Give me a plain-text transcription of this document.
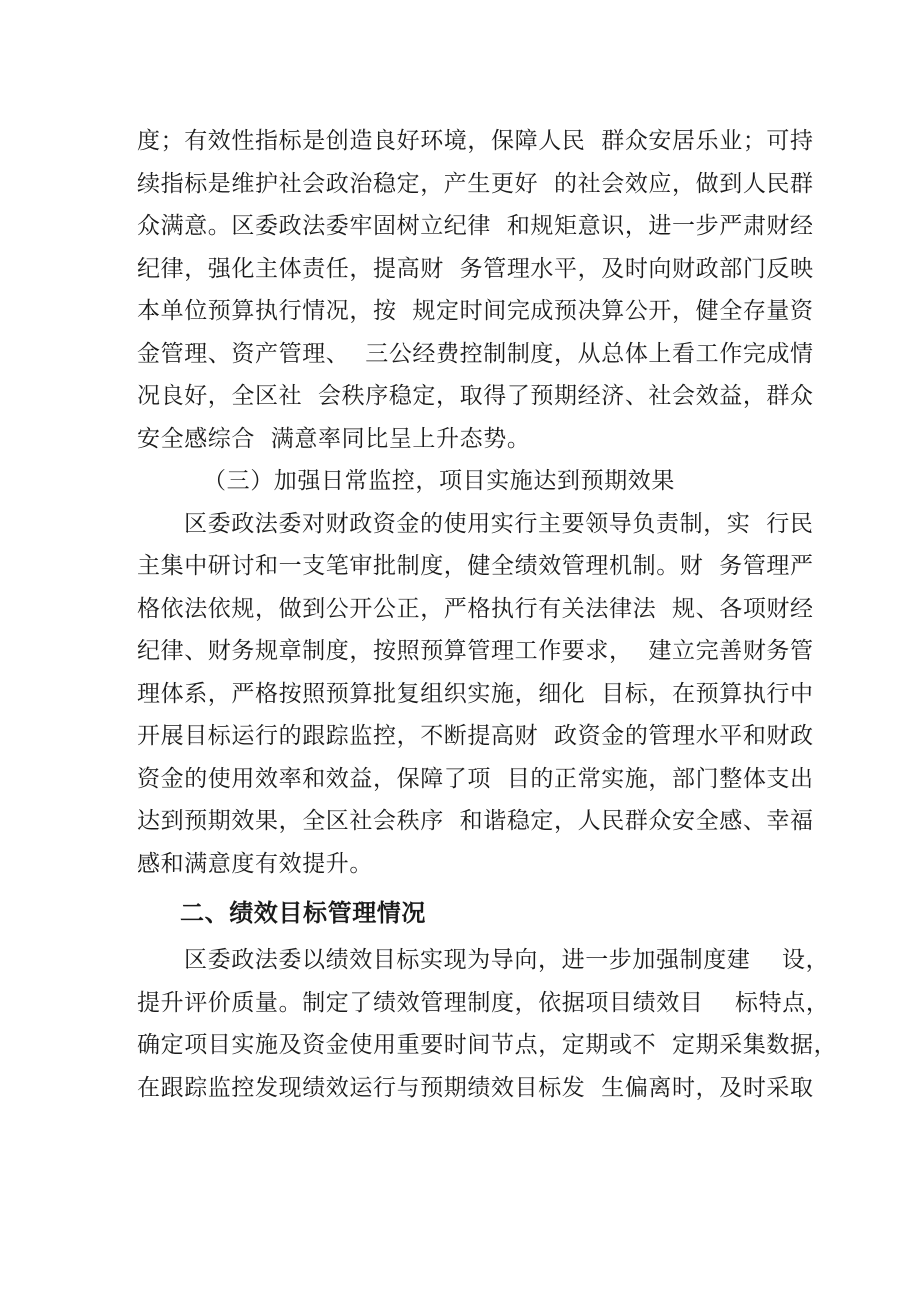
度；有效性指标是创造良好环境，保障人民  群众安居乐业；可持
续指标是维护社会政治稳定，产生更好  的社会效应，做到人民群
众满意。区委政法委牢固树立纪律  和规矩意识，进一步严肃财经
纪律，强化主体责任，提高财  务管理水平，及时向财政部门反映
本单位预算执行情况，按  规定时间完成预决算公开，健全存量资
金管理、资产管理、  三公经费控制制度，从总体上看工作完成情
况良好，全区社  会秩序稳定，取得了预期经济、社会效益，群众
安全感综合  满意率同比呈上升态势。
（三）加强日常监控，项目实施达到预期效果
区委政法委对财政资金的使用实行主要领导负责制，实  行民
主集中研讨和一支笔审批制度，健全绩效管理机制。财  务管理严
格依法依规，做到公开公正，严格执行有关法律法  规、各项财经
纪律、财务规章制度，按照预算管理工作要求，  建立完善财务管
理体系，严格按照预算批复组织实施，细化  目标，在预算执行中
开展目标运行的跟踪监控，不断提高财  政资金的管理水平和财政
资金的使用效率和效益，保障了项  目的正常实施，部门整体支出
达到预期效果，全区社会秩序  和谐稳定，人民群众安全感、幸福
感和满意度有效提升。
二、绩效目标管理情况
区委政法委以绩效目标实现为导向，进一步加强制度建    设，
提升评价质量。制定了绩效管理制度，依据项目绩效目    标特点，
确定项目实施及资金使用重要时间节点，定期或不  定期采集数据，
在跟踪监控发现绩效运行与预期绩效目标发  生偏离时，及时采取
